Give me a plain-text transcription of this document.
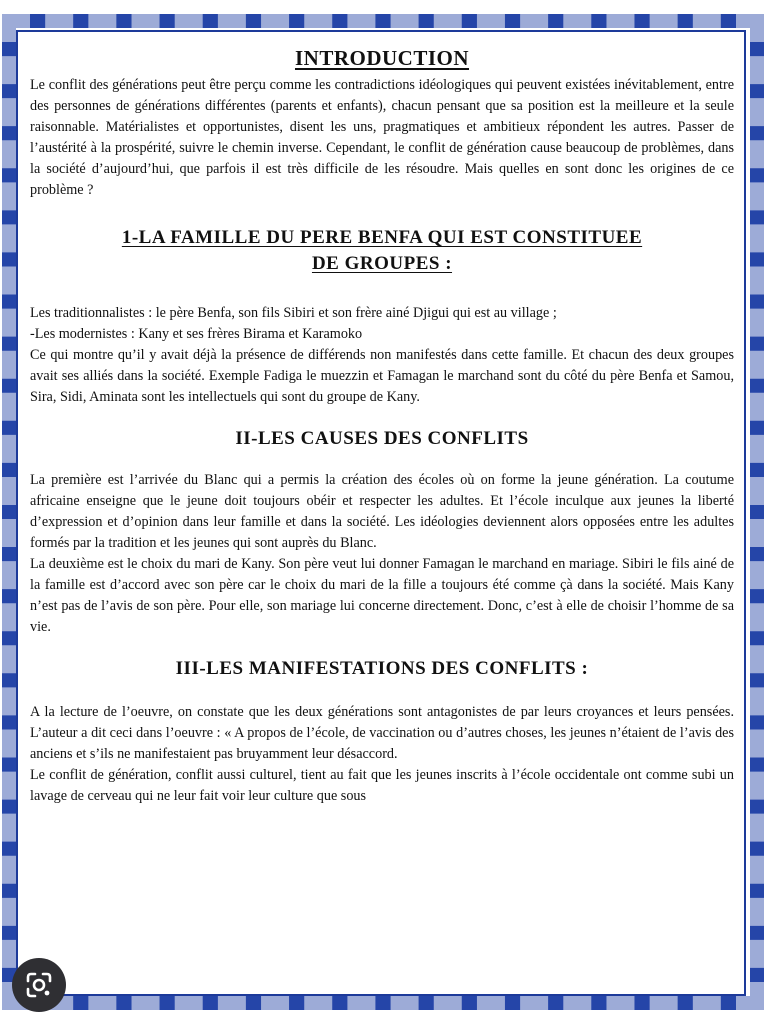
INTRODUCTION

Le conflit des générations peut être perçu comme les contradictions idéologiques qui peuvent existées inévitablement, entre des personnes de générations différentes (parents et enfants), chacun pensant que sa position est la meilleure et la seule raisonnable. Matérialistes et opportunistes, disent les uns, pragmatiques et ambitieux répondent les autres. Passer de l’austérité à la prospérité, suivre le chemin inverse. Cependant, le conflit de génération cause beaucoup de problèmes, dans la société d’aujourd’hui, que parfois il est très difficile de les résoudre. Mais quelles en sont donc les origines de ce problème ?

1-LA FAMILLE DU PERE BENFA QUI EST CONSTITUEE
DE GROUPES :

Les traditionnalistes : le père Benfa, son fils Sibiri et son frère ainé Djigui qui est au village ;

-Les modernistes : Kany et ses frères Birama et Karamoko

Ce qui montre qu’il y avait déjà la présence de différends non manifestés dans cette famille. Et chacun des deux groupes avait ses alliés dans la société. Exemple Fadiga le muezzin et Famagan le marchand sont du côté du père Benfa et Samou, Sira, Sidi, Aminata sont les intellectuels qui sont du groupe de Kany.

II-LES CAUSES DES CONFLITS

La première est l’arrivée du Blanc qui a permis la création des écoles où on forme la jeune génération. La coutume africaine enseigne que le jeune doit toujours obéir et respecter les adultes. Et l’école inculque aux jeunes la liberté d’expression et d’opinion dans leur famille et dans la société. Les idéologies deviennent alors opposées entre les adultes formés par la tradition et les jeunes qui sont auprès du Blanc.

La deuxième est le choix du mari de Kany. Son père veut lui donner Famagan le marchand en mariage. Sibiri le fils ainé de la famille est d’accord avec son père car le choix du mari de la fille a toujours été comme çà dans la société. Mais Kany n’est pas de l’avis de son père. Pour elle, son mariage lui concerne directement. Donc, c’est à elle de choisir l’homme de sa vie.

III-LES MANIFESTATIONS DES CONFLITS :

A la lecture de l’oeuvre, on constate que les deux générations sont antagonistes de par leurs croyances et leurs pensées. L’auteur a dit ceci dans l’oeuvre : « A propos de l’école, de vaccination ou d’autres choses, les jeunes n’étaient de l’avis des anciens et s’ils ne manifestaient pas bruyamment leur désaccord.

Le conflit de génération, conflit aussi culturel, tient au fait que les jeunes inscrits à l’école occidentale ont comme subi un lavage de cerveau qui ne leur fait voir leur culture que sous
